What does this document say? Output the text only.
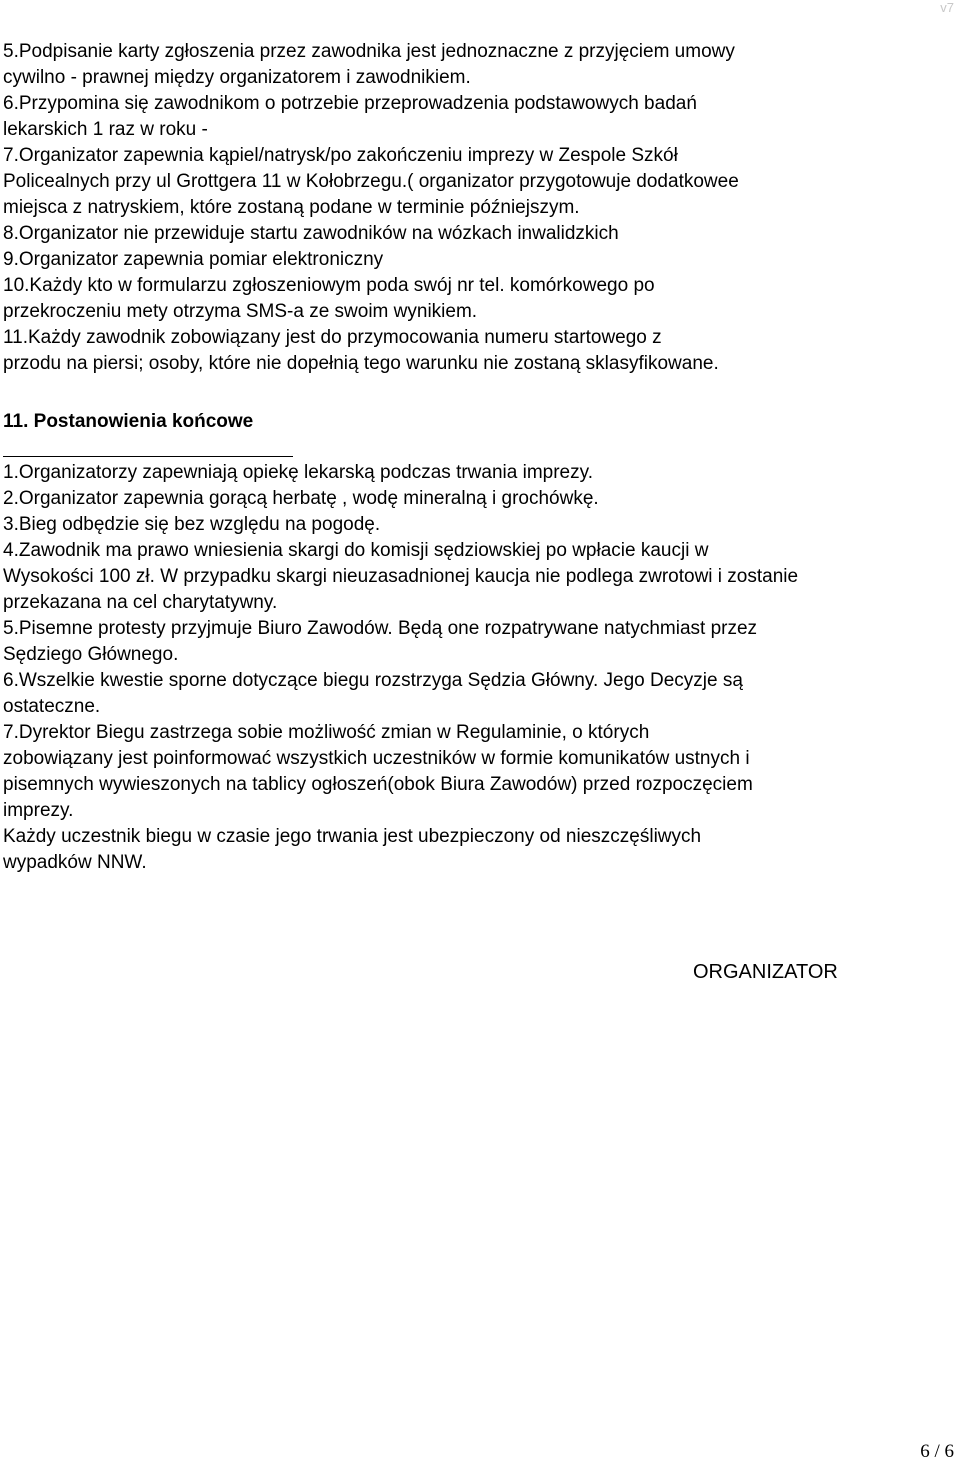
v7

5.Podpisanie karty zgłoszenia przez zawodnika jest jednoznaczne z przyjęciem umowy
cywilno - prawnej między organizatorem i zawodnikiem.

6.Przypomina się zawodnikom o potrzebie przeprowadzenia podstawowych badań
lekarskich 1 raz w roku -

7.Organizator zapewnia kąpiel/natrysk/po zakończeniu imprezy w Zespole Szkół
Policealnych przy ul Grottgera 11 w Kołobrzegu.( organizator przygotowuje dodatkowee
miejsca z natryskiem, które zostaną podane w terminie późniejszym.

8.Organizator nie przewiduje startu zawodników na wózkach inwalidzkich

9.Organizator zapewnia pomiar elektroniczny

10.Każdy kto w formularzu zgłoszeniowym poda swój nr tel. komórkowego po
przekroczeniu mety otrzyma SMS-a ze swoim wynikiem.

11.Każdy zawodnik zobowiązany jest do przymocowania numeru startowego z
przodu na piersi; osoby, które nie dopełnią tego warunku nie zostaną sklasyfikowane.

11. Postanowienia końcowe

1.Organizatorzy zapewniają opiekę lekarską podczas trwania imprezy.

2.Organizator zapewnia gorącą herbatę , wodę mineralną i grochówkę.

3.Bieg odbędzie się bez względu na pogodę.

4.Zawodnik ma prawo wniesienia skargi do komisji sędziowskiej po wpłacie kaucji w
Wysokości 100 zł. W przypadku skargi nieuzasadnionej kaucja nie podlega zwrotowi i zostanie
przekazana na cel charytatywny.

5.Pisemne protesty przyjmuje Biuro Zawodów. Będą one rozpatrywane natychmiast przez
Sędziego Głównego.

6.Wszelkie kwestie sporne dotyczące biegu rozstrzyga Sędzia Główny. Jego Decyzje są
ostateczne.

7.Dyrektor Biegu zastrzega sobie możliwość zmian w Regulaminie, o których
zobowiązany jest poinformować wszystkich uczestników w formie komunikatów ustnych i
pisemnych wywieszonych na tablicy ogłoszeń(obok Biura Zawodów) przed rozpoczęciem
imprezy.

Każdy uczestnik biegu w czasie jego trwania jest ubezpieczony od nieszczęśliwych
wypadków NNW.

ORGANIZATOR
6 / 6
